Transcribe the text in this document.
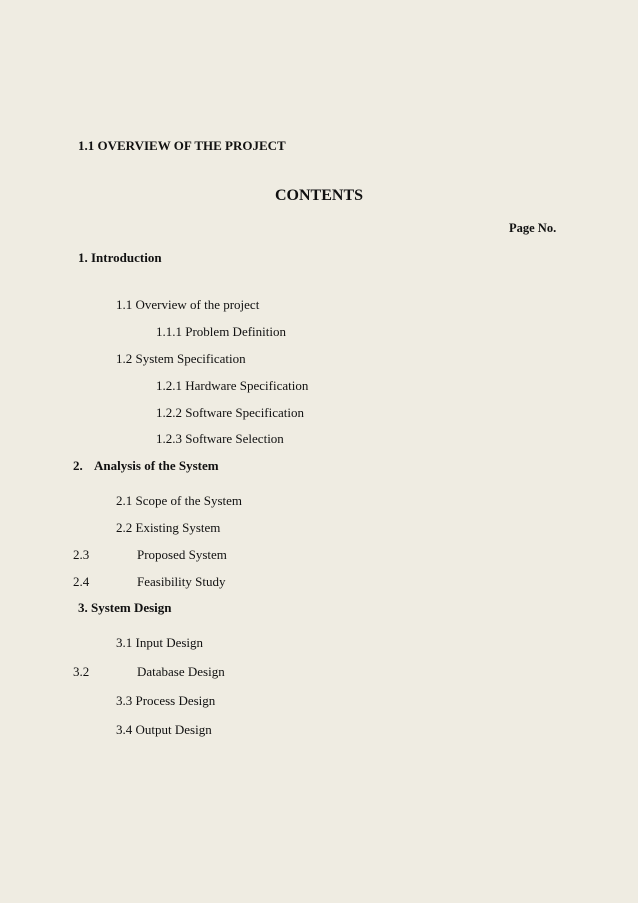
1.1 OVERVIEW OF THE PROJECT
CONTENTS
Page No.
1. Introduction
1.1 Overview of the project
1.1.1 Problem Definition
1.2 System Specification
1.2.1 Hardware Specification
1.2.2 Software Specification
1.2.3 Software Selection
2. Analysis of the System
2.1 Scope of the System
2.2 Existing System
2.3	Proposed System
2.4	Feasibility Study
3. System Design
3.1 Input Design
3.2	Database Design
3.3 Process Design
3.4 Output Design
